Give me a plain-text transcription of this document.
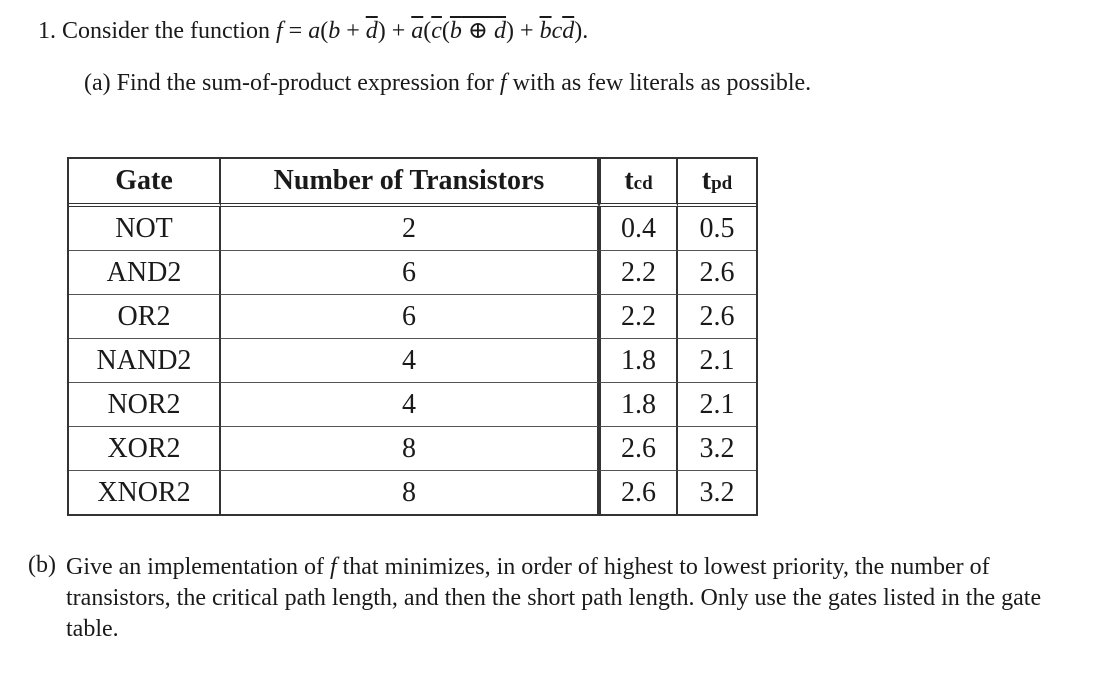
1. Consider the function $f = a(b + \overline{d}) + \overline{a}(\overline{c}(b$ ⊕ $d) + \overline{b}c\overline{d}$).
(a) Find the sum-of-product expression for f with as few literals as possible.
Gate	Number of Transistors	tcd	tpd
NOT	2	0.4	0.5
AND2	6	2.2	2.6
OR2	6	2.2	2.6
NAND2	4	1.8	2.1
NOR2	4	1.8	2.1
XOR2	8	2.6	3.2
XNOR2	8	2.6	3.2
(b) Give an implementation of f that minimizes, in order of highest to lowest priority, the number of transistors, the critical path length, and then the short path length. Only use the gates listed in the gate table.
